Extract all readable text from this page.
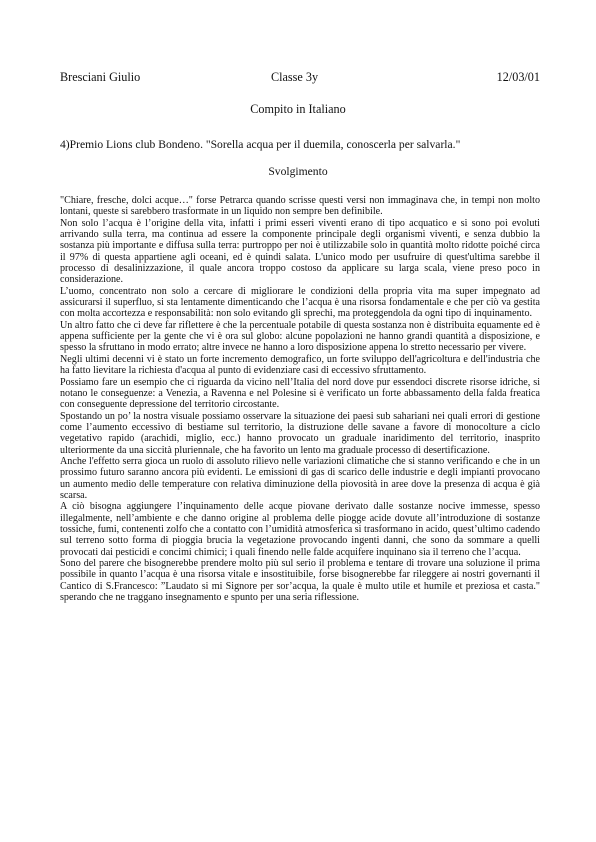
Bresciani Giulio	Classe 3y	12/03/01
Compito in Italiano
4)Premio Lions club Bondeno. "Sorella acqua per il duemila, conoscerla per salvarla."
Svolgimento

"Chiare, fresche, dolci acque…" forse Petrarca quando scrisse questi versi non immaginava che, in tempi non molto lontani, queste si sarebbero trasformate in un liquido non sempre ben definibile.

Non solo l’acqua è l’origine della vita, infatti i primi esseri viventi erano di tipo acquatico e si sono poi evoluti arrivando sulla terra, ma continua ad essere la componente principale degli organismi viventi, e senza dubbio la sostanza più importante e diffusa sulla terra: purtroppo per noi è utilizzabile solo in quantità molto ridotte poiché circa il 97% di questa appartiene agli oceani, ed è quindi salata. L'unico modo per usufruire di quest'ultima sarebbe il processo di desalinizzazione, il quale ancora troppo costoso da applicare su larga scala, viene preso poco in considerazione.

L’uomo, concentrato non solo a cercare di migliorare le condizioni della propria vita ma super impegnato ad assicurarsi il superfluo, si sta lentamente dimenticando che l’acqua è una risorsa fondamentale e che per ciò va gestita con molta accortezza e responsabilità: non solo evitando gli sprechi, ma proteggendola da ogni tipo di inquinamento.

Un altro fatto che ci deve far riflettere è che la percentuale potabile di questa sostanza non è distribuita equamente ed è appena sufficiente per la gente che vi è ora sul globo: alcune popolazioni ne hanno grandi quantità a disposizione, e spesso la sfruttano in modo errato; altre invece ne hanno a loro disposizione appena lo stretto necessario per vivere.

Negli ultimi decenni vi è stato un forte incremento demografico, un forte sviluppo dell'agricoltura e dell'industria che ha fatto lievitare la richiesta d'acqua al punto di evidenziare casi di eccessivo sfruttamento.

Possiamo fare un esempio che ci riguarda da vicino nell’Italia del nord dove pur essendoci discrete risorse idriche, si notano le conseguenze: a Venezia, a Ravenna e nel Polesine si è verificato un forte abbassamento della falda freatica con conseguente depressione del territorio circostante.

Spostando un po’ la nostra visuale possiamo osservare la situazione dei paesi sub sahariani nei quali errori di gestione come l’aumento eccessivo di bestiame sul territorio, la distruzione delle savane a favore di monocolture a ciclo vegetativo rapido (arachidi, miglio, ecc.) hanno provocato un graduale inaridimento del territorio, inasprito ulteriormente da una siccità pluriennale, che ha favorito un lento ma graduale processo di desertificazione.

Anche l'effetto serra gioca un ruolo di assoluto rilievo nelle variazioni climatiche che si stanno verificando e che in un prossimo futuro saranno ancora più evidenti. Le emissioni di gas di scarico delle industrie e degli impianti provocano un aumento medio delle temperature con relativa diminuzione della piovosità in aree dove la presenza di acqua è già scarsa.

A ciò bisogna aggiungere l’inquinamento delle acque piovane derivato dalle sostanze nocive immesse, spesso illegalmente, nell’ambiente e che danno origine al problema delle piogge acide dovute all’introduzione di sostanze tossiche, fumi, contenenti zolfo che a contatto con l’umidità atmosferica si trasformano in acido, quest’ultimo cadendo sul terreno sotto forma di pioggia brucia la vegetazione provocando ingenti danni, che sono da sommare a quelli provocati dai pesticidi e concimi chimici; i quali finendo nelle falde acquifere inquinano sia il terreno che l’acqua.

Sono del parere che bisognerebbe prendere molto più sul serio il problema e tentare di trovare una soluzione il prima possibile in quanto l’acqua è una risorsa vitale e insostituibile, forse bisognerebbe far rileggere ai nostri governanti il Cantico di S.Francesco: ”Laudato si mi Signore per sor’acqua, la quale è multo utile et humile et preziosa et casta." sperando che ne traggano insegnamento e spunto per una seria riflessione.
